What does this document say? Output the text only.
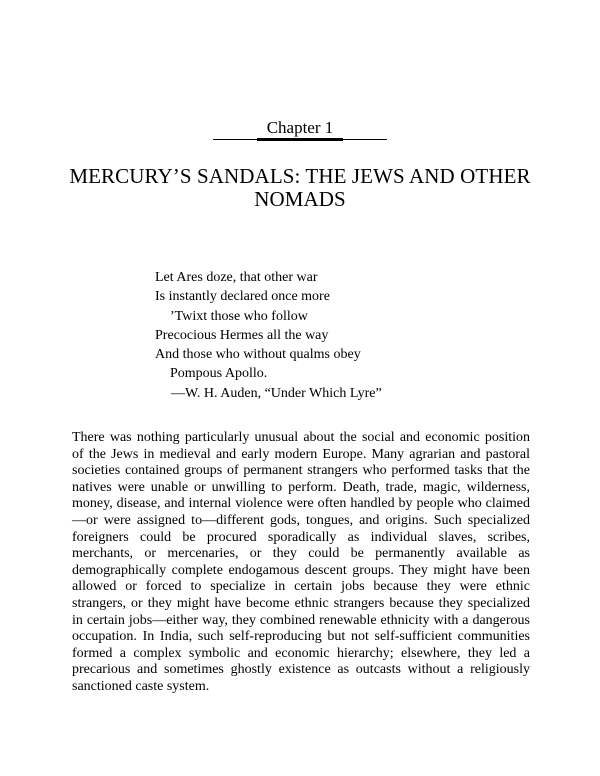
Chapter 1
MERCURY’S SANDALS: THE JEWS AND OTHER
NOMADS
Let Ares doze, that other war
Is instantly declared once more
’Twixt those who follow
Precocious Hermes all the way
And those who without qualms obey
Pompous Apollo.
—W. H. Auden, “Under Which Lyre”
There was nothing particularly unusual about the social and economic position
of the Jews in medieval and early modern Europe. Many agrarian and pastoral
societies contained groups of permanent strangers who performed tasks that the
natives were unable or unwilling to perform. Death, trade, magic, wilderness,
money, disease, and internal violence were often handled by people who claimed
—or were assigned to—different gods, tongues, and origins. Such specialized
foreigners could be procured sporadically as individual slaves, scribes,
merchants, or mercenaries, or they could be permanently available as
demographically complete endogamous descent groups. They might have been
allowed or forced to specialize in certain jobs because they were ethnic
strangers, or they might have become ethnic strangers because they specialized
in certain jobs—either way, they combined renewable ethnicity with a dangerous
occupation. In India, such self-reproducing but not self-sufficient communities
formed a complex symbolic and economic hierarchy; elsewhere, they led a
precarious and sometimes ghostly existence as outcasts without a religiously
sanctioned caste system.
